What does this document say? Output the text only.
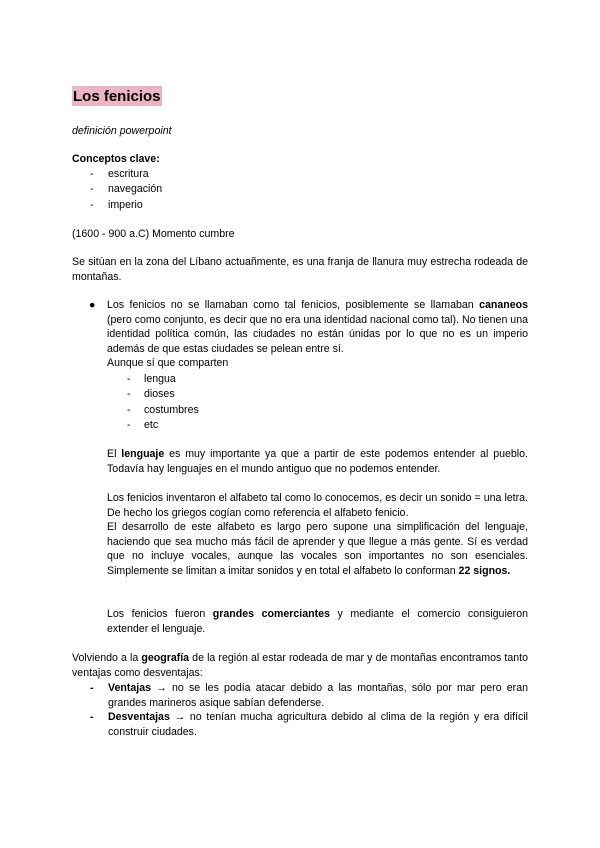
Los fenicios
definición powerpoint
Conceptos clave:
- escritura
- navegación
- imperio
(1600 - 900 a.C) Momento cumbre
Se sitúan en la zona del Líbano actuañmente, es una franja de llanura muy estrecha rodeada de montañas.
● Los fenicios no se llamaban como tal fenicios, posiblemente se llamaban cananeos (pero como conjunto, es decir que no era una identidad nacional como tal). No tienen una identidad política común, las ciudades no están únidas por lo que no es un imperio además de que estas ciudades se pelean entre sí.
Aunque sí que comparten
- lengua
- dioses
- costumbres
- etc
El lenguaje es muy importante ya que a partir de este podemos entender al pueblo. Todavía hay lenguajes en el mundo antiguo que no podemos entender.
Los fenicios inventaron el alfabeto tal como lo conocemos, es decir un sonido = una letra. De hecho los griegos cogían como referencia el alfabeto fenicio.
El desarrollo de este alfabeto es largo pero supone una simplificación del lenguaje, haciendo que sea mucho más fácil de aprender y que llegue a más gente. Sí es verdad que no incluye vocales, aunque las vocales son importantes no son esenciales. Simplemente se limitan a imitar sonidos y en total el alfabeto lo conforman 22 signos.
Los fenicios fueron grandes comerciantes y mediante el comercio consiguieron extender el lenguaje.
Volviendo a la geografía de la región al estar rodeada de mar y de montañas encontramos tanto ventajas como desventajas:
- Ventajas → no se les podía atacar debido a las montañas, sólo por mar pero eran grandes marineros asique sabían defenderse.
- Desventajas → no tenían mucha agricultura debido al clima de la región y era difícil construir ciudades.
